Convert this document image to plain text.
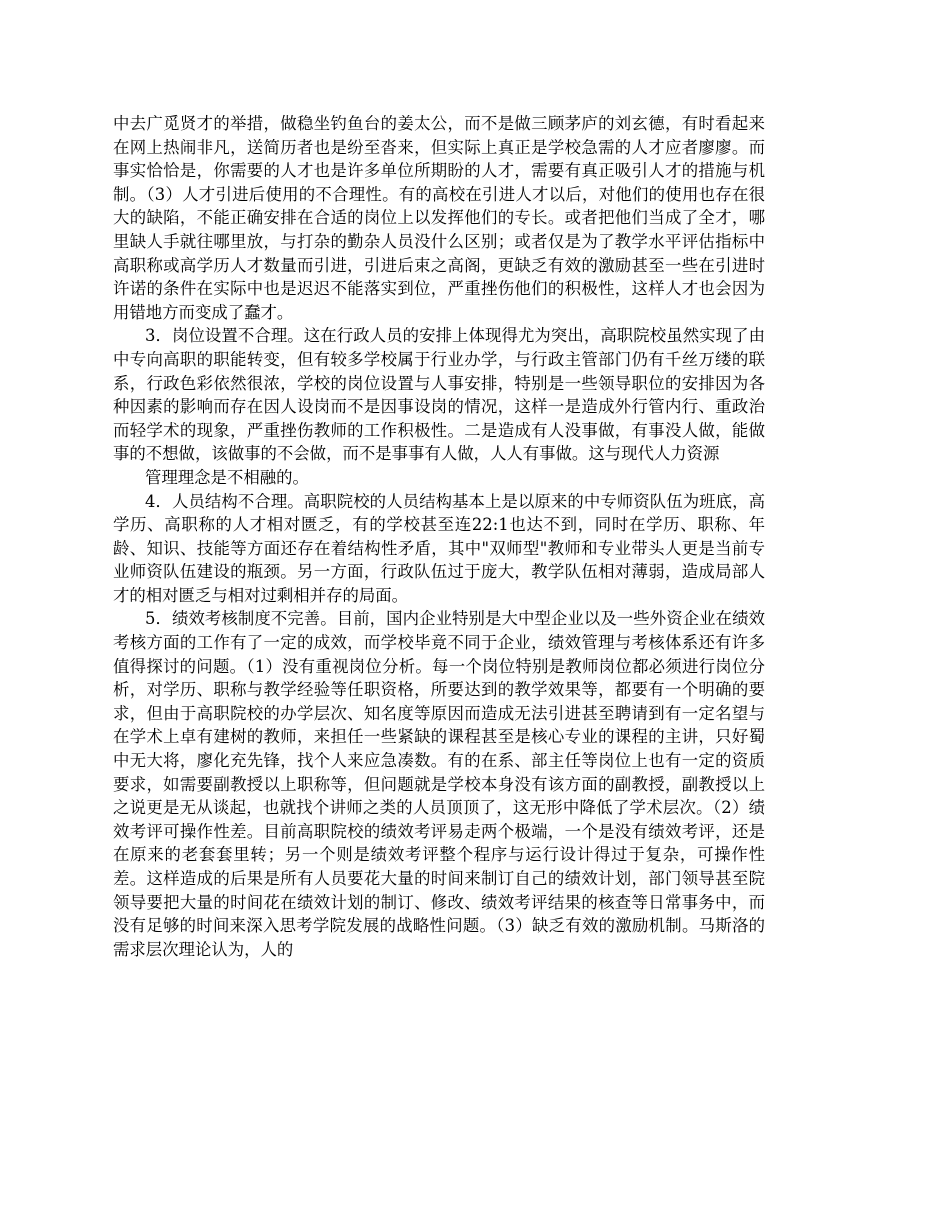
中去广觅贤才的举措，做稳坐钓鱼台的姜太公，而不是做三顾茅庐的刘玄德，有时看起来在网上热闹非凡，送简历者也是纷至沓来，但实际上真正是学校急需的人才应者廖廖。而事实恰恰是，你需要的人才也是许多单位所期盼的人才，需要有真正吸引人才的措施与机制。（3）人才引进后使用的不合理性。有的高校在引进人才以后，对他们的使用也存在很大的缺陷，不能正确安排在合适的岗位上以发挥他们的专长。或者把他们当成了全才，哪里缺人手就往哪里放，与打杂的勤杂人员没什么区别；或者仅是为了教学水平评估指标中高职称或高学历人才数量而引进，引进后束之高阁，更缺乏有效的激励甚至一些在引进时许诺的条件在实际中也是迟迟不能落实到位，严重挫伤他们的积极性，这样人才也会因为用错地方而变成了蠢才。

3．岗位设置不合理。这在行政人员的安排上体现得尤为突出，高职院校虽然实现了由中专向高职的职能转变，但有较多学校属于行业办学，与行政主管部门仍有千丝万缕的联系，行政色彩依然很浓，学校的岗位设置与人事安排，特别是一些领导职位的安排因为各种因素的影响而存在因人设岗而不是因事设岗的情况，这样一是造成外行管内行、重政治而轻学术的现象，严重挫伤教师的工作积极性。二是造成有人没事做，有事没人做，能做事的不想做，该做事的不会做，而不是事事有人做，人人有事做。这与现代人力资源

管理理念是不相融的。

4．人员结构不合理。高职院校的人员结构基本上是以原来的中专师资队伍为班底，高学历、高职称的人才相对匮乏，有的学校甚至连22:1也达不到，同时在学历、职称、年龄、知识、技能等方面还存在着结构性矛盾，其中"双师型"教师和专业带头人更是当前专业师资队伍建设的瓶颈。另一方面，行政队伍过于庞大，教学队伍相对薄弱，造成局部人才的相对匮乏与相对过剩相并存的局面。

5．绩效考核制度不完善。目前，国内企业特别是大中型企业以及一些外资企业在绩效考核方面的工作有了一定的成效，而学校毕竟不同于企业，绩效管理与考核体系还有许多值得探讨的问题。（1）没有重视岗位分析。每一个岗位特别是教师岗位都必须进行岗位分析，对学历、职称与教学经验等任职资格，所要达到的教学效果等，都要有一个明确的要求，但由于高职院校的办学层次、知名度等原因而造成无法引进甚至聘请到有一定名望与在学术上卓有建树的教师，来担任一些紧缺的课程甚至是核心专业的课程的主讲，只好蜀中无大将，廖化充先锋，找个人来应急凑数。有的在系、部主任等岗位上也有一定的资质要求，如需要副教授以上职称等，但问题就是学校本身没有该方面的副教授，副教授以上之说更是无从谈起，也就找个讲师之类的人员顶顶了，这无形中降低了学术层次。（2）绩效考评可操作性差。目前高职院校的绩效考评易走两个极端，一个是没有绩效考评，还是在原来的老套套里转；另一个则是绩效考评整个程序与运行设计得过于复杂，可操作性差。这样造成的后果是所有人员要花大量的时间来制订自己的绩效计划，部门领导甚至院领导要把大量的时间花在绩效计划的制订、修改、绩效考评结果的核查等日常事务中，而没有足够的时间来深入思考学院发展的战略性问题。（3）缺乏有效的激励机制。马斯洛的需求层次理论认为，人的
